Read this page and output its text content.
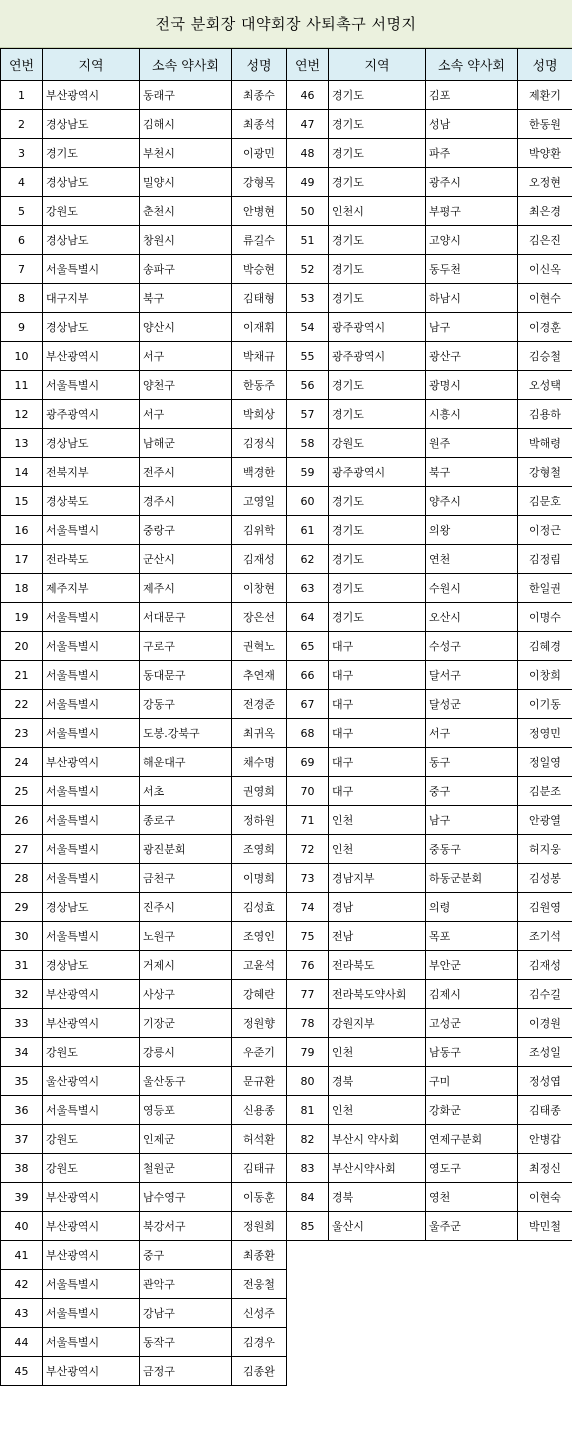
전국 분회장 대약회장 사퇴촉구 서명지
연번	지역	소속 약사회	성명
1	부산광역시	동래구	최종수
2	경상남도	김해시	최종석
3	경기도	부천시	이광민
4	경상남도	밀양시	강형목
5	강원도	춘천시	안병현
6	경상남도	창원시	류길수
7	서울특별시	송파구	박승현
8	대구지부	북구	김태형
9	경상남도	양산시	이재휘
10	부산광역시	서구	박채규
11	서울특별시	양천구	한동주
12	광주광역시	서구	박희상
13	경상남도	남해군	김정식
14	전북지부	전주시	백경한
15	경상북도	경주시	고영일
16	서울특별시	중랑구	김위학
17	전라북도	군산시	김재성
18	제주지부	제주시	이창현
19	서울특별시	서대문구	장은선
20	서울특별시	구로구	권혁노
21	서울특별시	동대문구	추연재
22	서울특별시	강동구	전경준
23	서울특별시	도봉.강북구	최귀옥
24	부산광역시	해운대구	채수명
25	서울특별시	서초	권영희
26	서울특별시	종로구	정하원
27	서울특별시	광진분회	조영희
28	서울특별시	금천구	이명희
29	경상남도	진주시	김성효
30	서울특별시	노원구	조영인
31	경상남도	거제시	고윤석
32	부산광역시	사상구	강혜란
33	부산광역시	기장군	정원향
34	강원도	강릉시	우준기
35	울산광역시	울산동구	문규환
36	서울특별시	영등포	신용종
37	강원도	인제군	허석환
38	강원도	철원군	김태규
39	부산광역시	남수영구	이동훈
40	부산광역시	북강서구	정원희
41	부산광역시	중구	최종환
42	서울특별시	관악구	전웅철
43	서울특별시	강남구	신성주
44	서울특별시	동작구	김경우
45	부산광역시	금정구	김종완
연번	지역	소속 약사회	성명
46	경기도	김포	제환기
47	경기도	성남	한동원
48	경기도	파주	박양환
49	경기도	광주시	오정현
50	인천시	부평구	최은경
51	경기도	고양시	김은진
52	경기도	동두천	이신옥
53	경기도	하남시	이현수
54	광주광역시	남구	이경훈
55	광주광역시	광산구	김승철
56	경기도	광명시	오성택
57	경기도	시흥시	김용하
58	강원도	원주	박해령
59	광주광역시	북구	강형철
60	경기도	양주시	김문호
61	경기도	의왕	이정근
62	경기도	연천	김정림
63	경기도	수원시	한일권
64	경기도	오산시	이명수
65	대구	수성구	김혜경
66	대구	달서구	이창희
67	대구	달성군	이기동
68	대구	서구	정영민
69	대구	동구	정일영
70	대구	중구	김분조
71	인천	남구	안광열
72	인천	중동구	허지웅
73	경남지부	하동군분회	김성봉
74	경남	의령	김원영
75	전남	목포	조기석
76	전라북도	부안군	김재성
77	전라북도약사회	김제시	김수길
78	강원지부	고성군	이경원
79	인천	남동구	조성일
80	경북	구미	정성엽
81	인천	강화군	김태종
82	부산시 약사회	연제구분회	안병갑
83	부산시약사회	영도구	최정신
84	경북	영천	이현숙
85	울산시	울주군	박민철
